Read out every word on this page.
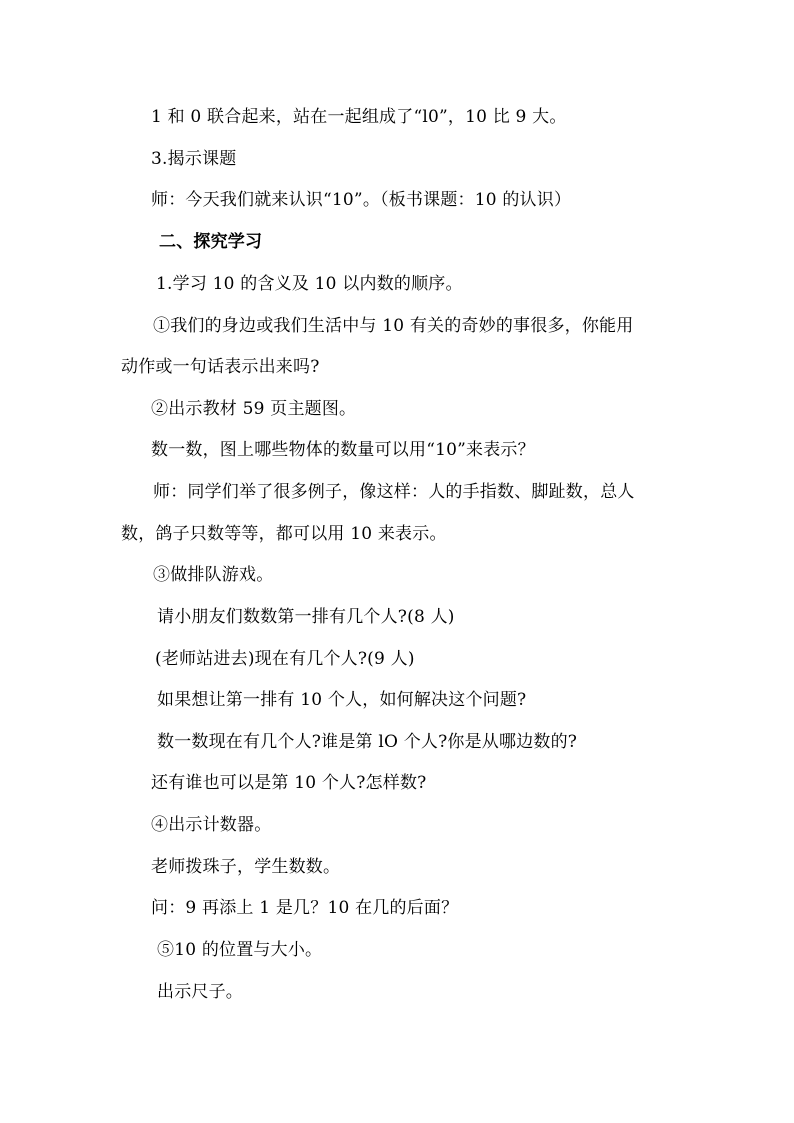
1 和 0 联合起来，站在一起组成了“l0”，10 比 9 大。
3.揭示课题
师：今天我们就来认识“10”。（板书课题：10 的认识）
二、探究学习
1.学习 10 的含义及 10 以内数的顺序。
①我们的身边或我们生活中与 10 有关的奇妙的事很多，你能用
动作或一句话表示出来吗?
②出示教材 59 页主题图。
数一数，图上哪些物体的数量可以用“10”来表示？
师：同学们举了很多例子，像这样：人的手指数、脚趾数，总人
数，鸽子只数等等，都可以用 10 来表示。
③做排队游戏。
请小朋友们数数第一排有几个人?(8 人)
(老师站进去)现在有几个人?(9 人)
如果想让第一排有 10 个人，如何解决这个问题?
数一数现在有几个人?谁是第 lO 个人?你是从哪边数的?
还有谁也可以是第 10 个人?怎样数?
④出示计数器。
老师拨珠子，学生数数。
问：9 再添上 1 是几？10 在几的后面？
⑤10 的位置与大小。
出示尺子。
